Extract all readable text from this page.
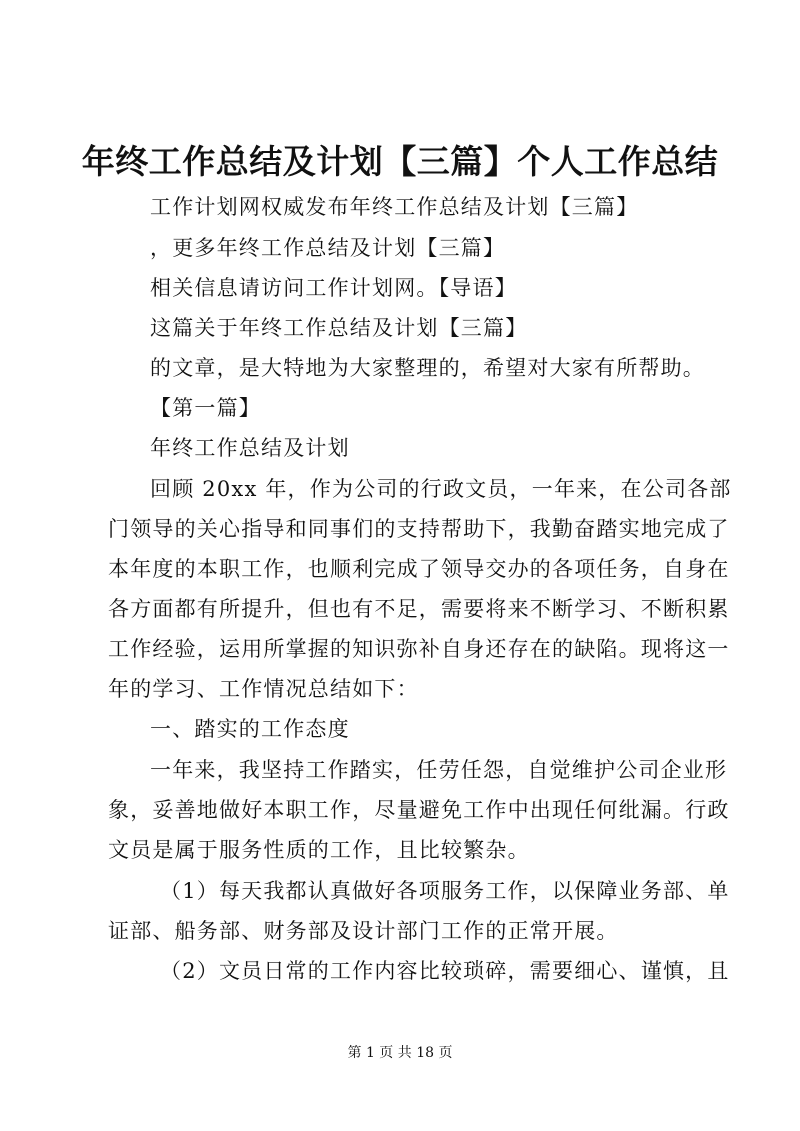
年终工作总结及计划【三篇】个人工作总结
工作计划网权威发布年终工作总结及计划【三篇】
，更多年终工作总结及计划【三篇】
相关信息请访问工作计划网。【导语】
这篇关于年终工作总结及计划【三篇】
的文章，是大特地为大家整理的，希望对大家有所帮助。
【第一篇】
年终工作总结及计划
回顾 20xx 年，作为公司的行政文员，一年来，在公司各部
门领导的关心指导和同事们的支持帮助下，我勤奋踏实地完成了
本年度的本职工作，也顺利完成了领导交办的各项任务，自身在
各方面都有所提升，但也有不足，需要将来不断学习、不断积累
工作经验，运用所掌握的知识弥补自身还存在的缺陷。现将这一
年的学习、工作情况总结如下：
一、踏实的工作态度
一年来，我坚持工作踏实，任劳任怨，自觉维护公司企业形
象，妥善地做好本职工作，尽量避免工作中出现任何纰漏。行政
文员是属于服务性质的工作，且比较繁杂。
（1）每天我都认真做好各项服务工作，以保障业务部、单
证部、船务部、财务部及设计部门工作的正常开展。
（2）文员日常的工作内容比较琐碎，需要细心、谨慎，且
第 1 页 共 18 页
